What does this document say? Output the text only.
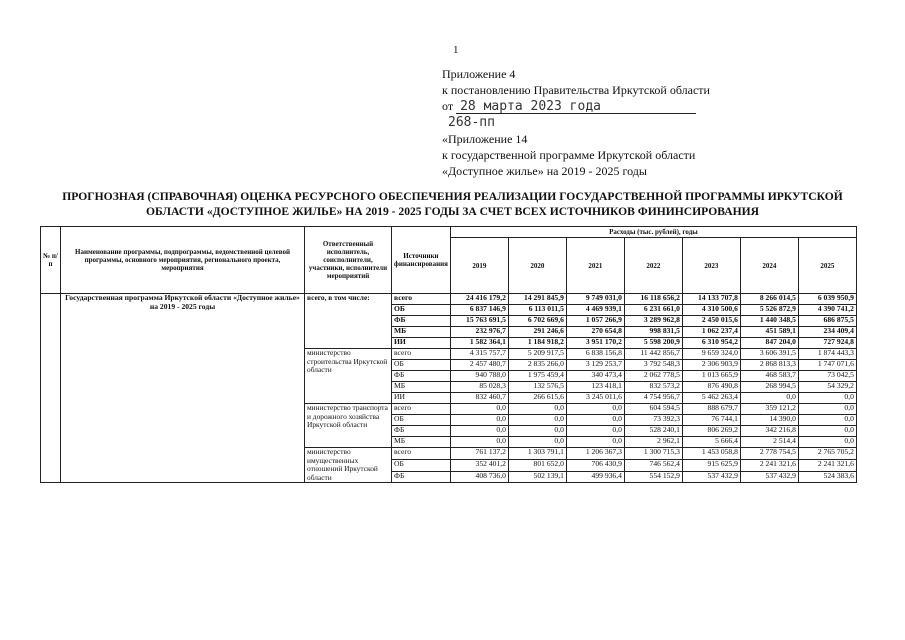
1
Приложение 4
к постановлению Правительства Иркутской области
от 28 марта 2023 года
268-пп
«Приложение 14
к государственной программе Иркутской области
«Доступное жилье» на 2019 - 2025 годы
ПРОГНОЗНАЯ (СПРАВОЧНАЯ) ОЦЕНКА РЕСУРСНОГО ОБЕСПЕЧЕНИЯ РЕАЛИЗАЦИИ ГОСУДАРСТВЕННОЙ ПРОГРАММЫ ИРКУТСКОЙ
ОБЛАСТИ «ДОСТУПНОЕ ЖИЛЬЕ» НА 2019 - 2025 ГОДЫ ЗА СЧЕТ ВСЕХ ИСТОЧНИКОВ ФИНИНСИРОВАНИЯ
№ п/п	Наименование программы, подпрограммы, ведомственной целевой программы, основного мероприятия, регионального проекта, мероприятия	Ответственный исполнитель, соисполнители, участники, исполнители мероприятий	Источники финансирования	Расходы (тыс. рублей), годы						
				2019	2020	2021	2022	2023	2024	2025
	Государственная программа Иркутской области «Доступное жилье» на 2019 - 2025 годы	всего, в том числе:	всего	24 416 179,2	14 291 845,9	9 749 031,0	16 118 656,2	14 133 707,8	8 266 014,5	6 039 950,9
			ОБ	6 837 146,9	6 113 011,5	4 469 939,1	6 231 661,0	4 310 500,6	5 526 872,9	4 390 741,2
			ФБ	15 763 691,5	6 702 669,6	1 057 266,9	3 289 962,8	2 450 015,6	1 440 348,5	686 875,5
			МБ	232 976,7	291 246,6	270 654,8	998 831,5	1 062 237,4	451 589,1	234 409,4
			ИИ	1 582 364,1	1 184 918,2	3 951 170,2	5 598 200,9	6 310 954,2	847 204,0	727 924,8
		министерство строительства Иркутской области	всего	4 315 757,7	5 209 917,5	6 838 156,8	11 442 856,7	9 659 324,0	3 606 391,5	1 874 443,3
			ОБ	2 457 480,7	2 835 266,0	3 129 253,7	3 792 548,3	2 306 903,9	2 868 813,3	1 747 071,6
			ФБ	940 788,0	1 975 459,4	340 473,4	2 062 778,5	1 013 665,9	468 583,7	73 042,5
			МБ	85 028,3	132 576,5	123 418,1	832 573,2	876 490,8	268 994,5	54 329,2
			ИИ	832 460,7	266 615,6	3 245 011,6	4 754 956,7	5 462 263,4	0,0	0,0
		министерство транспорта и дорожного хозяйства Иркутской области	всего	0,0	0,0	0,0	604 594,5	888 679,7	359 121,2	0,0
			ОБ	0,0	0,0	0,0	73 392,3	76 744,1	14 390,0	0,0
			ФБ	0,0	0,0	0,0	528 240,1	806 269,2	342 216,8	0,0
			МБ	0,0	0,0	0,0	2 962,1	5 666,4	2 514,4	0,0
		министерство имущественных отношений Иркутской области	всего	761 137,2	1 303 791,1	1 206 367,3	1 300 715,3	1 453 058,8	2 778 754,5	2 765 705,2
			ОБ	352 401,2	801 652,0	706 430,9	746 562,4	915 625,9	2 241 321,6	2 241 321,6
			ФБ	408 736,0	502 139,1	499 936,4	554 152,9	537 432,9	537 432,9	524 383,6
